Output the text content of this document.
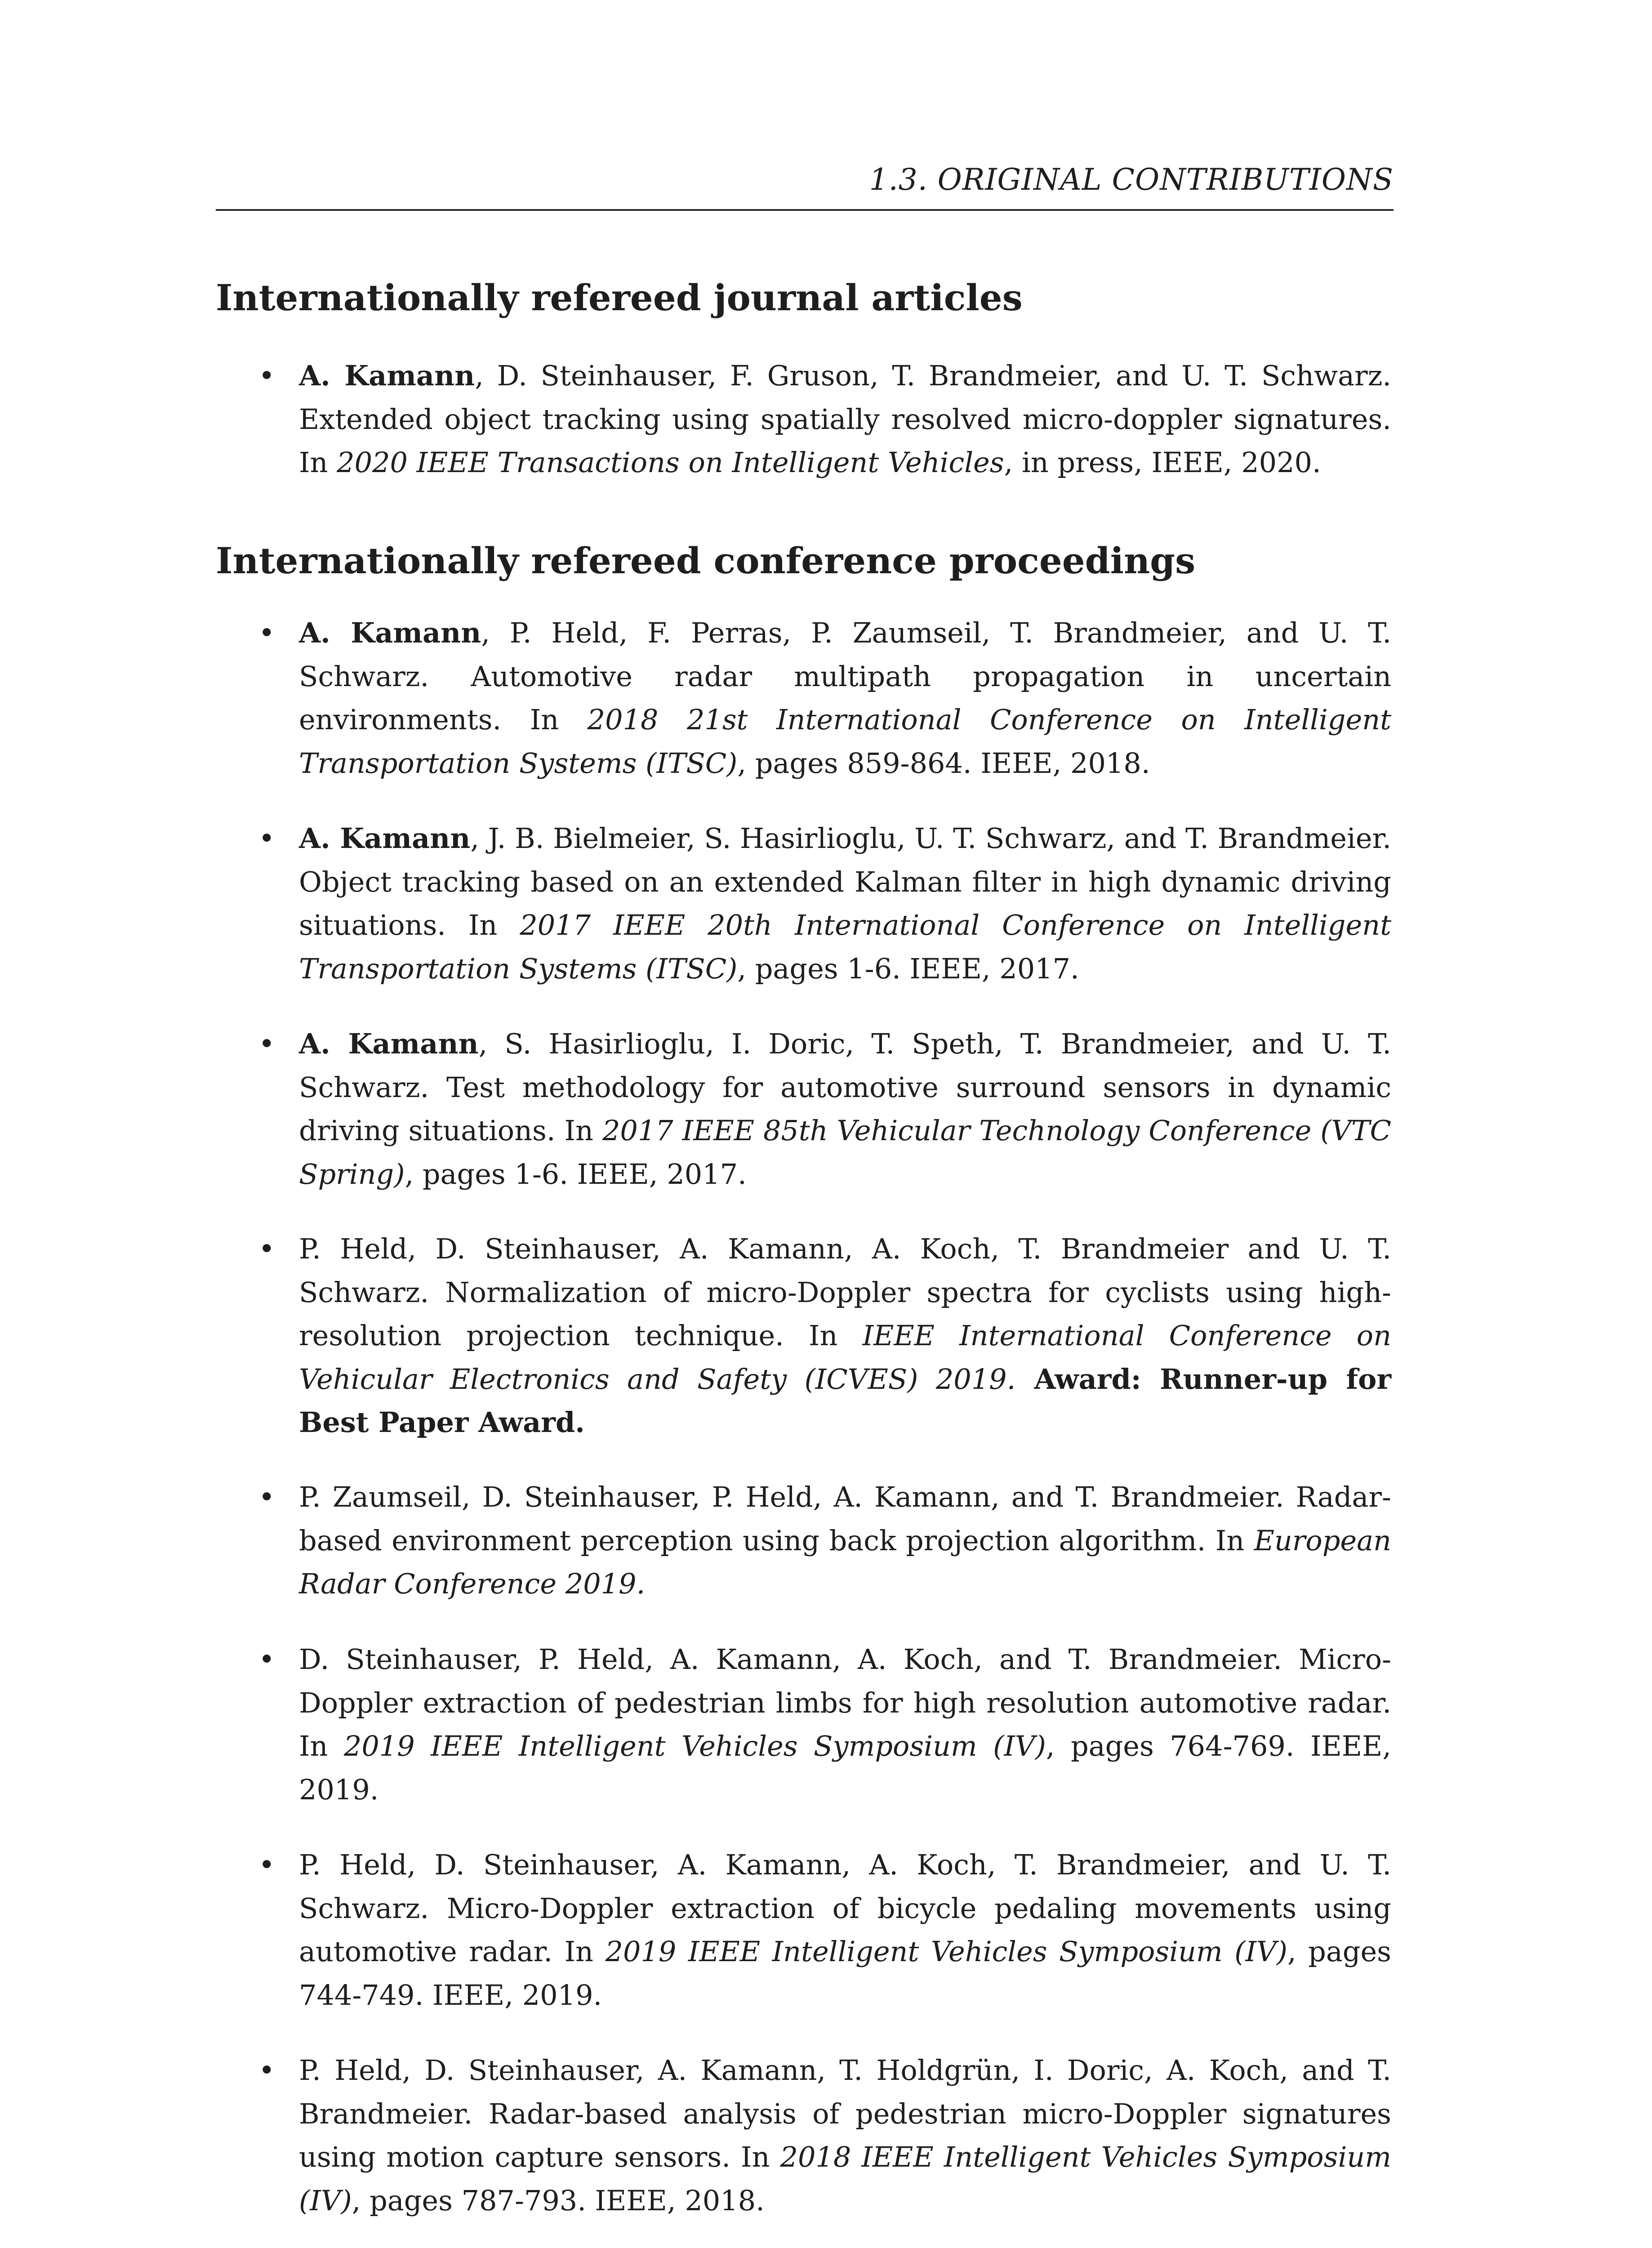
1.3. ORIGINAL CONTRIBUTIONS
Internationally refereed journal articles
• A. Kamann, D. Steinhauser, F. Gruson, T. Brandmeier, and U. T. Schwarz. Extended object tracking using spatially resolved micro-doppler signatures. In 2020 IEEE Transactions on Intelligent Vehicles, in press, IEEE, 2020.
Internationally refereed conference proceedings
• A. Kamann, P. Held, F. Perras, P. Zaumseil, T. Brandmeier, and U. T. Schwarz. Automotive radar multipath propagation in uncertain environments. In 2018 21st International Conference on Intelligent Transportation Systems (ITSC), pages 859-864. IEEE, 2018.
• A. Kamann, J. B. Bielmeier, S. Hasirlioglu, U. T. Schwarz, and T. Brandmeier. Object tracking based on an extended Kalman filter in high dynamic driving situations. In 2017 IEEE 20th International Conference on Intelligent Transportation Systems (ITSC), pages 1-6. IEEE, 2017.
• A. Kamann, S. Hasirlioglu, I. Doric, T. Speth, T. Brandmeier, and U. T. Schwarz. Test methodology for automotive surround sensors in dynamic driving situations. In 2017 IEEE 85th Vehicular Technology Conference (VTC Spring), pages 1-6. IEEE, 2017.
• P. Held, D. Steinhauser, A. Kamann, A. Koch, T. Brandmeier and U. T. Schwarz. Normalization of micro-Doppler spectra for cyclists using high-resolution projection technique. In IEEE International Conference on Vehicular Electronics and Safety (ICVES) 2019. Award: Runner-up for Best Paper Award.
• P. Zaumseil, D. Steinhauser, P. Held, A. Kamann, and T. Brandmeier. Radar-based environment perception using back projection algorithm. In European Radar Conference 2019.
• D. Steinhauser, P. Held, A. Kamann, A. Koch, and T. Brandmeier. Micro-Doppler extraction of pedestrian limbs for high resolution automotive radar. In 2019 IEEE Intelligent Vehicles Symposium (IV), pages 764-769. IEEE, 2019.
• P. Held, D. Steinhauser, A. Kamann, A. Koch, T. Brandmeier, and U. T. Schwarz. Micro-Doppler extraction of bicycle pedaling movements using automotive radar. In 2019 IEEE Intelligent Vehicles Symposium (IV), pages 744-749. IEEE, 2019.
• P. Held, D. Steinhauser, A. Kamann, T. Holdgrün, I. Doric, A. Koch, and T. Brandmeier. Radar-based analysis of pedestrian micro-Doppler signatures using motion capture sensors. In 2018 IEEE Intelligent Vehicles Symposium (IV), pages 787-793. IEEE, 2018.
